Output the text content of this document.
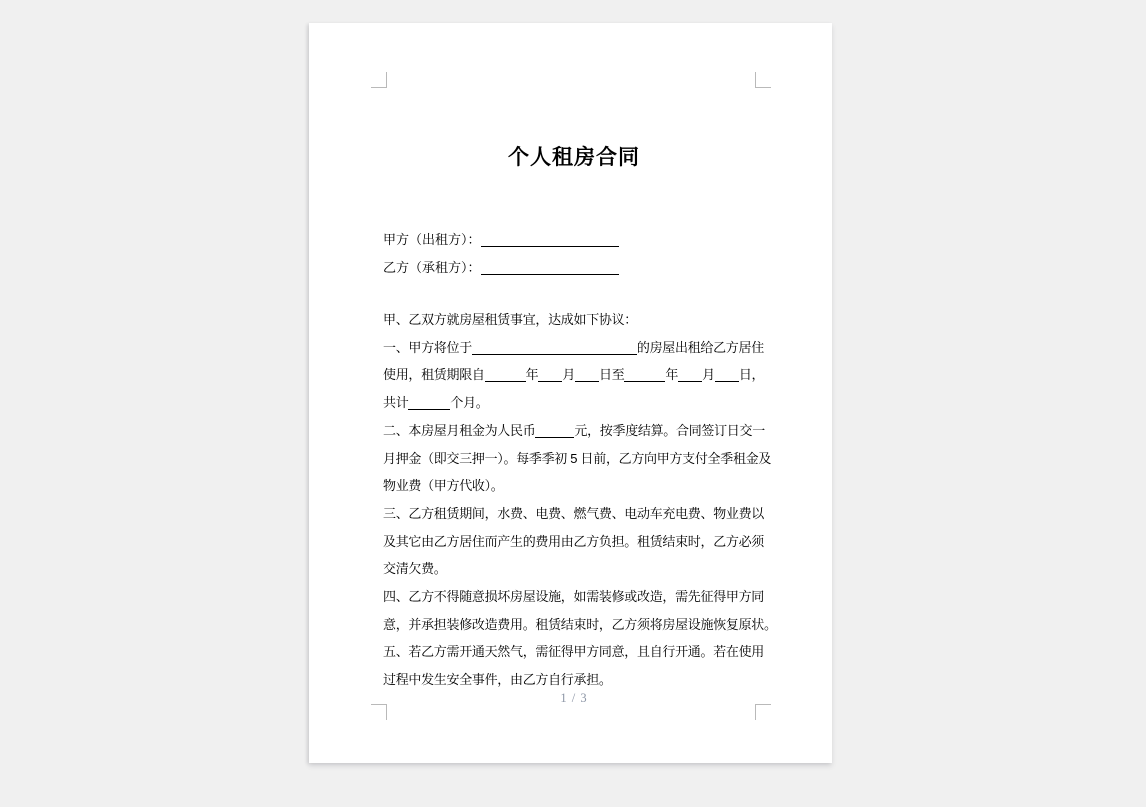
个人租房合同
甲方（出租方）：
乙方（承租方）：
甲、乙双方就房屋租赁事宜，达成如下协议：
一、甲方将位于	的房屋出租给乙方居住
使用，租赁期限自	年 月 日至	年 月 日，
共计	个月。
二、本房屋月租金为人民币	元，按季度结算。合同签订日交一
月押金（即交三押一）。每季季初 5 日前，乙方向甲方支付全季租金及
物业费（甲方代收）。
三、乙方租赁期间，水费、电费、燃气费、电动车充电费、物业费以
及其它由乙方居住而产生的费用由乙方负担。租赁结束时，乙方必须
交清欠费。
四、乙方不得随意损坏房屋设施，如需装修或改造，需先征得甲方同
意，并承担装修改造费用。租赁结束时，乙方须将房屋设施恢复原状。
五、若乙方需开通天然气，需征得甲方同意，且自行开通。若在使用
过程中发生安全事件，由乙方自行承担。
1 / 3
